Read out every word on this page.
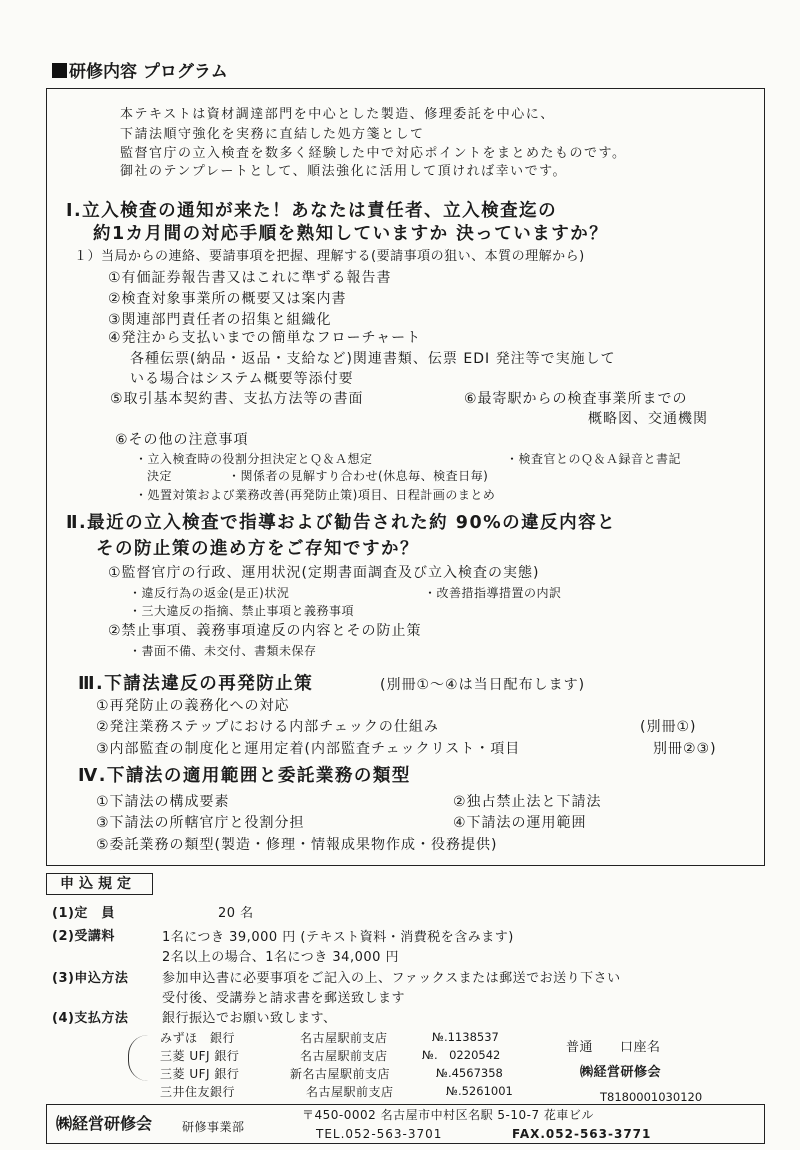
研修内容 プログラム
本テキストは資材調達部門を中心とした製造、修理委託を中心に、
下請法順守強化を実務に直結した処方箋として
監督官庁の立入検査を数多く経験した中で対応ポイントをまとめたものです。
御社のテンプレートとして、順法強化に活用して頂ければ幸いです。
Ⅰ.立入検査の通知が来た！あなたは責任者、立入検査迄の
約1カ月間の対応手順を熟知していますか 決っていますか？
１）当局からの連絡、要請事項を把握、理解する(要請事項の狙い、本質の理解から)
①有価証券報告書又はこれに準ずる報告書
②検査対象事業所の概要又は案内書
③関連部門責任者の招集と組織化
④発注から支払いまでの簡単なフローチャート
各種伝票(納品・返品・支給など)関連書類、伝票 EDI 発注等で実施して
いる場合はシステム概要等添付要
⑤取引基本契約書、支払方法等の書面	⑥最寄駅からの検査事業所までの
概略図、交通機関
⑥その他の注意事項
・立入検査時の役割分担決定とＱ＆Ａ想定	・検査官とのＱ＆Ａ録音と書記
決定	・関係者の見解すり合わせ(休息毎、検査日毎)
・処置対策および業務改善(再発防止策)項目、日程計画のまとめ
Ⅱ.最近の立入検査で指導および勧告された約 90%の違反内容と
その防止策の進め方をご存知ですか？
①監督官庁の行政、運用状況(定期書面調査及び立入検査の実態)
・違反行為の返金(是正)状況	・改善措指導措置の内訳
・三大違反の指摘、禁止事項と義務事項
②禁止事項、義務事項違反の内容とその防止策
・書面不備、未交付、書類未保存
Ⅲ.下請法違反の再発防止策	(別冊①～④は当日配布します)
①再発防止の義務化への対応
②発注業務ステップにおける内部チェックの仕組み	(別冊①)
③内部監査の制度化と運用定着(内部監査チェックリスト・項目	別冊②③)
Ⅳ.下請法の適用範囲と委託業務の類型
①下請法の構成要素	②独占禁止法と下請法
③下請法の所轄官庁と役割分担	④下請法の運用範囲
⑤委託業務の類型(製造・修理・情報成果物作成・役務提供)
申込規定
(1)定　員	20 名
(2)受講料	1名につき 39,000 円 (テキスト資料・消費税を含みます)
2名以上の場合、1名につき 34,000 円
(3)申込方法	参加申込書に必要事項をご記入の上、ファックスまたは郵送でお送り下さい
受付後、受講券と請求書を郵送致します
(4)支払方法	銀行振込でお願い致します、
みずほ　銀行	名古屋駅前支店	№.1138537
三菱 UFJ 銀行	名古屋駅前支店	№.　0220542
三菱 UFJ 銀行	新名古屋駅前支店	№.4567358
三井住友銀行	名古屋駅前支店	№.5261001
普通　　口座名
㈱経営研修会
T8180001030120
㈱経営研修会 研修事業部
〒450-0002 名古屋市中村区名駅 5-10-7 花車ビル
TEL.052-563-3701	FAX.052-563-3771
